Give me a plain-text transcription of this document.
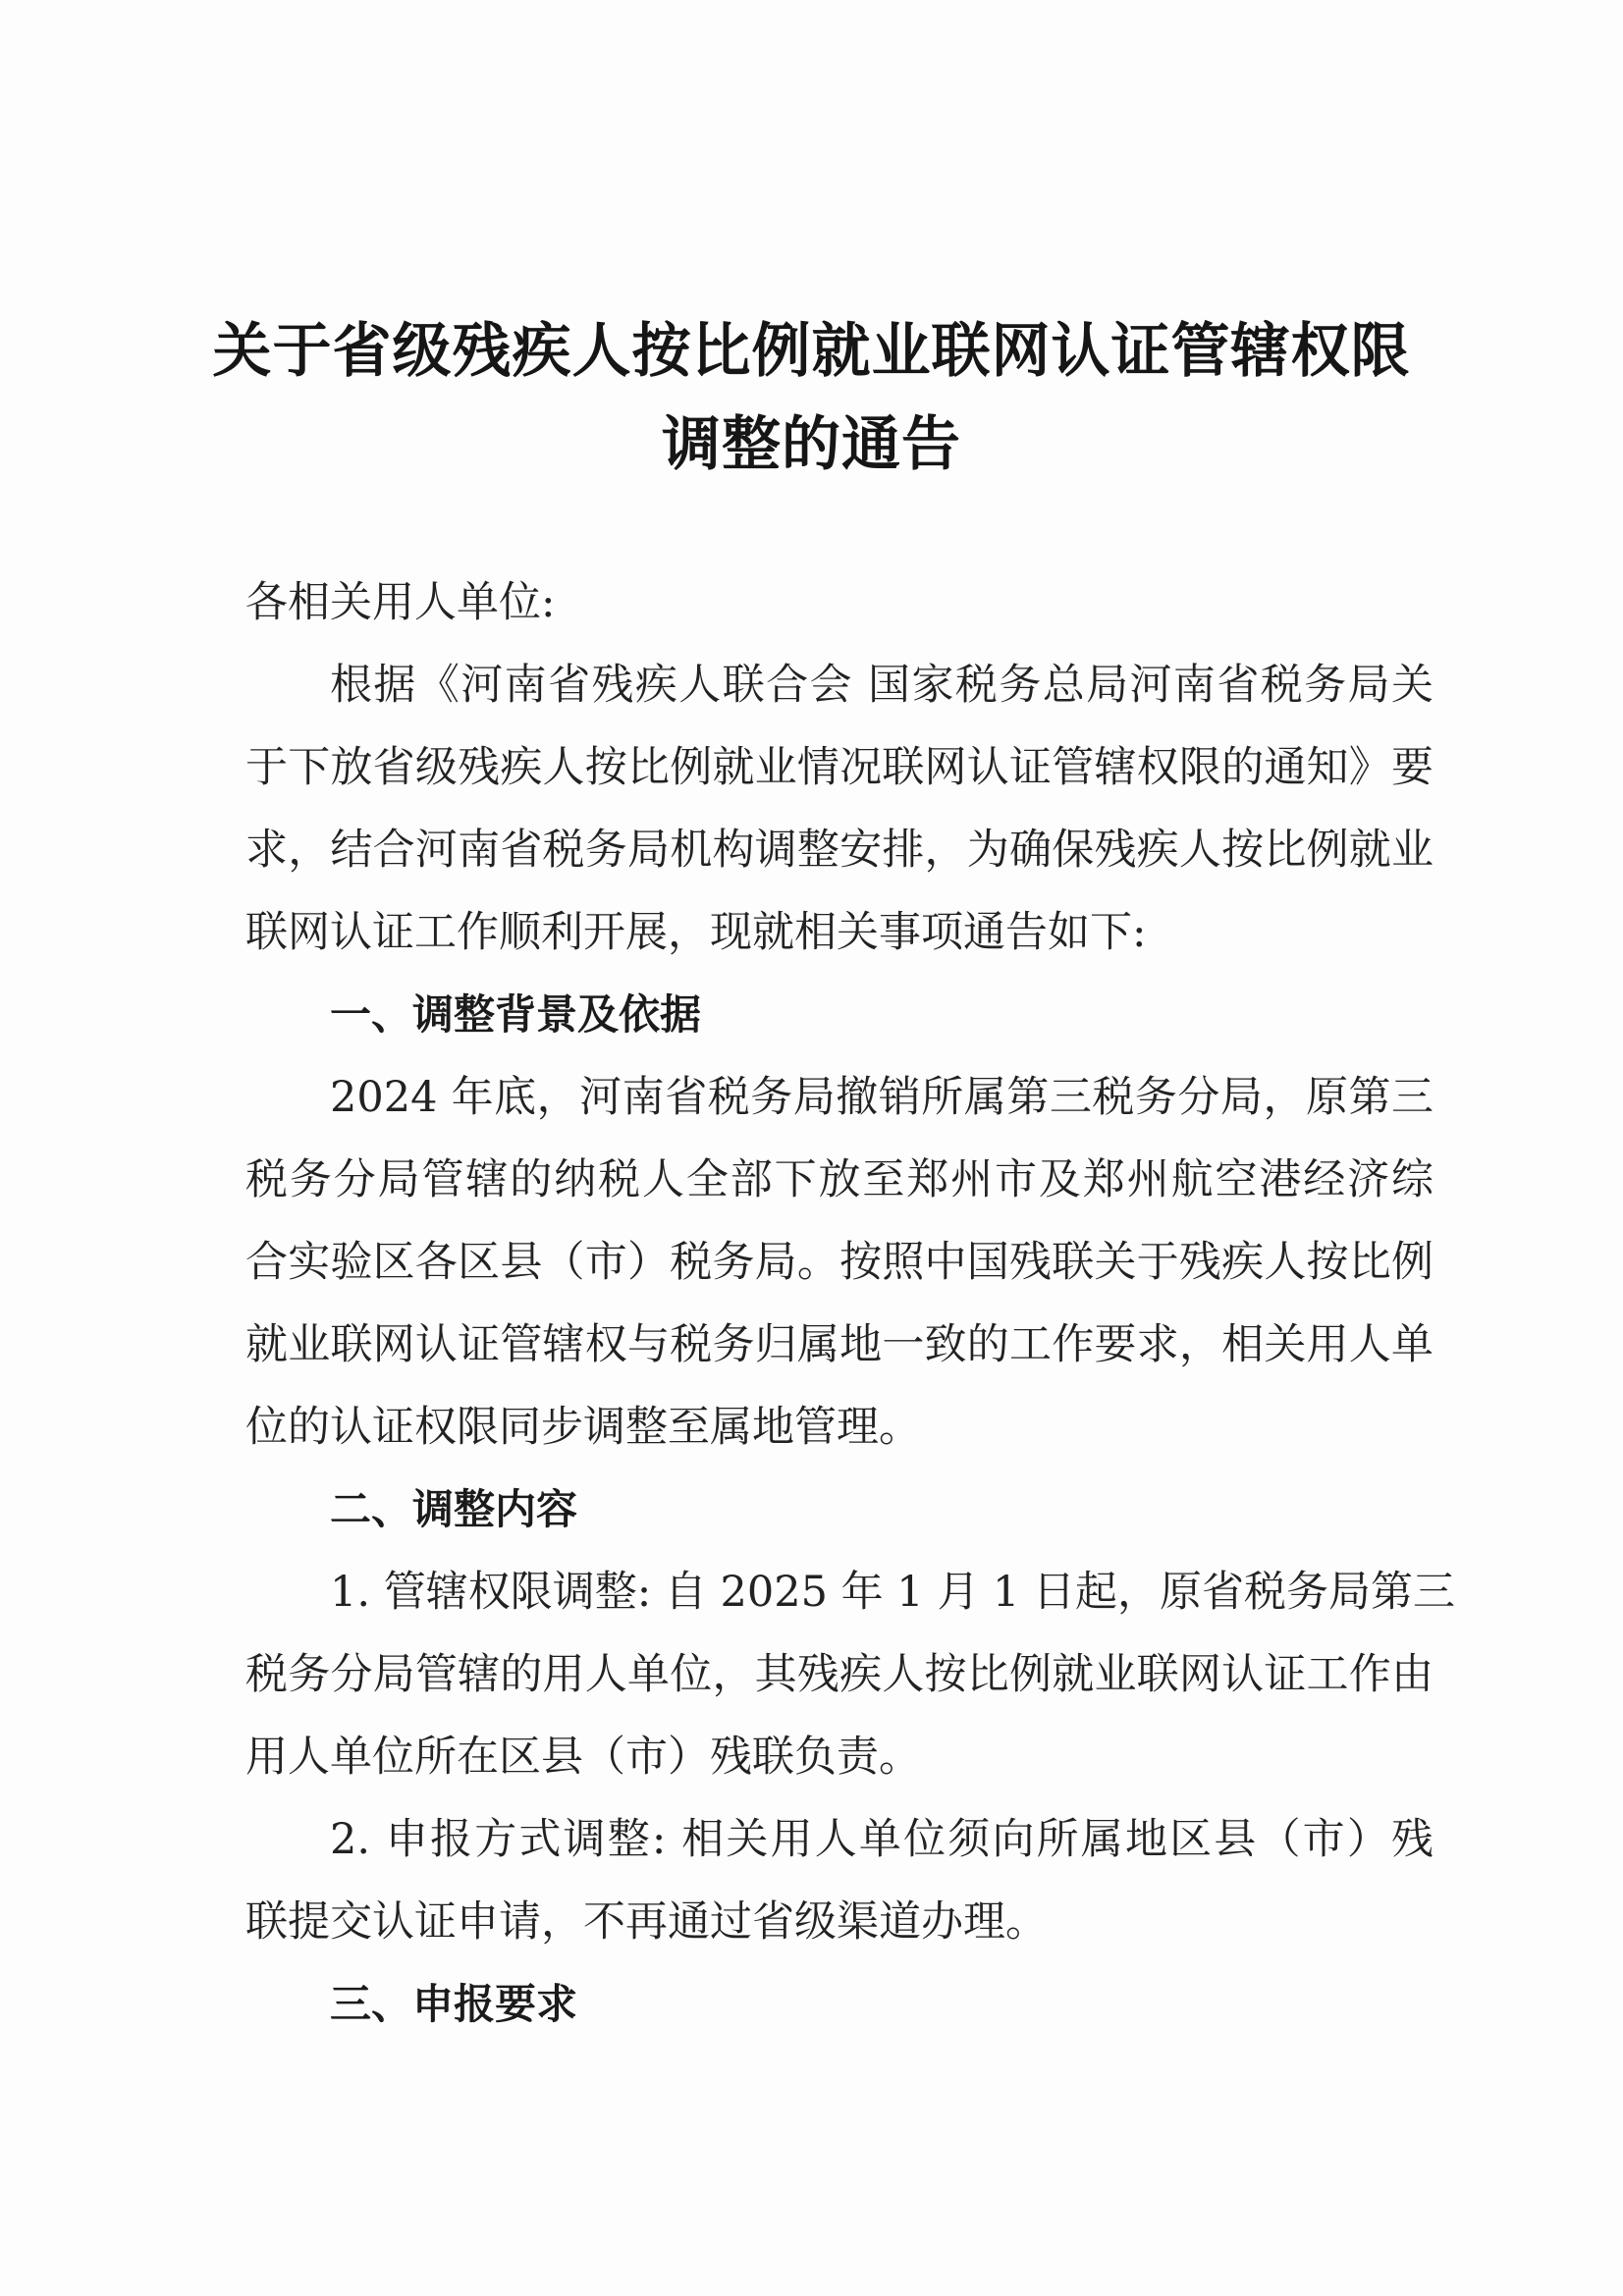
关于省级残疾人按比例就业联网认证管辖权限
调整的通告
各相关用人单位:
根据《河南省残疾人联合会 国家税务总局河南省税务局关
于下放省级残疾人按比例就业情况联网认证管辖权限的通知》要
求，结合河南省税务局机构调整安排，为确保残疾人按比例就业
联网认证工作顺利开展，现就相关事项通告如下:
一、调整背景及依据
2024 年底，河南省税务局撤销所属第三税务分局，原第三
税务分局管辖的纳税人全部下放至郑州市及郑州航空港经济综
合实验区各区县（市）税务局。按照中国残联关于残疾人按比例
就业联网认证管辖权与税务归属地一致的工作要求，相关用人单
位的认证权限同步调整至属地管理。
二、调整内容
1. 管辖权限调整: 自 2025 年 1 月 1 日起，原省税务局第三
税务分局管辖的用人单位，其残疾人按比例就业联网认证工作由
用人单位所在区县（市）残联负责。
2. 申报方式调整: 相关用人单位须向所属地区县（市）残
联提交认证申请，不再通过省级渠道办理。
三、申报要求
